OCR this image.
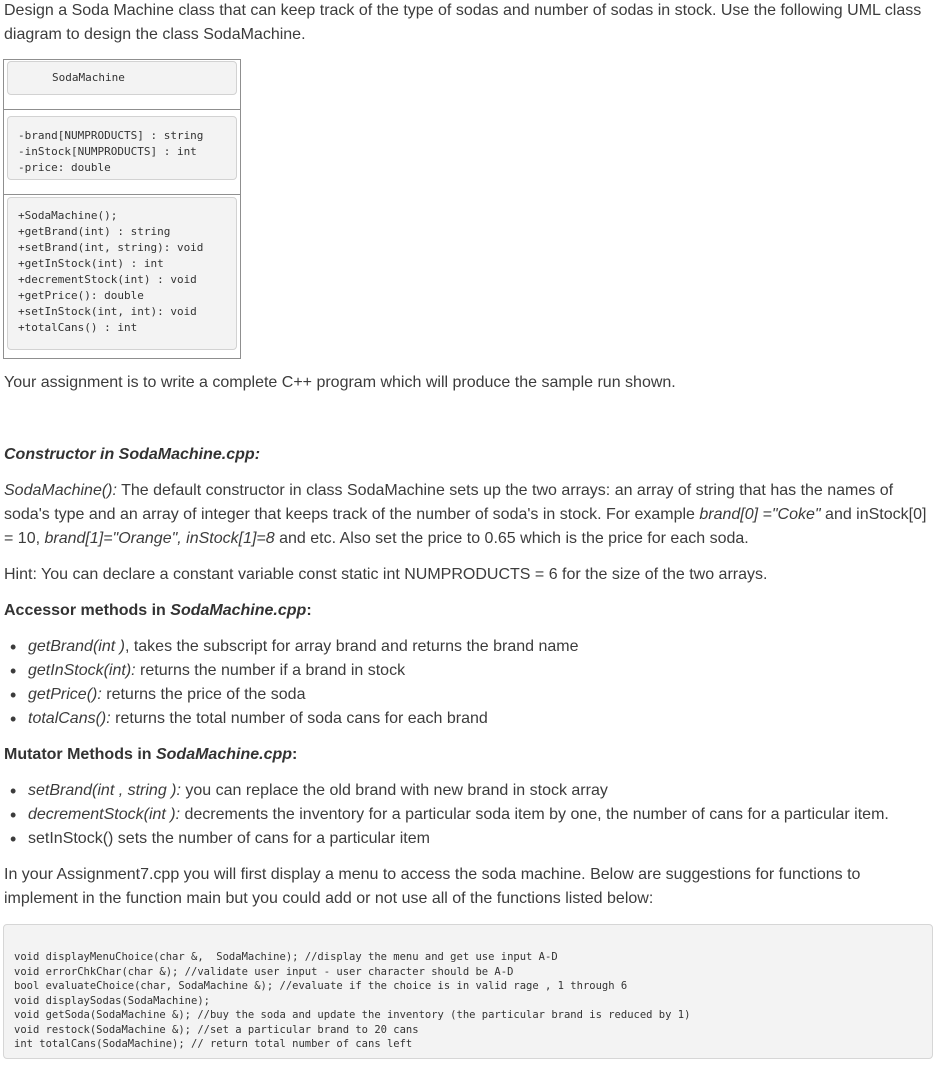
Design a Soda Machine class that can keep track of the type of sodas and number of sodas in stock. Use the following UML class diagram to design the class SodaMachine.

SodaMachine
-brand[NUMPRODUCTS] : string
-inStock[NUMPRODUCTS] : int
-price: double
+SodaMachine();
+getBrand(int) : string
+setBrand(int, string): void
+getInStock(int) : int
+decrementStock(int) : void
+getPrice(): double
+setInStock(int, int): void
+totalCans() : int

Your assignment is to write a complete C++ program which will produce the sample run shown.

Constructor in SodaMachine.cpp:

SodaMachine(): The default constructor in class SodaMachine sets up the two arrays: an array of string that has the names of soda's type and an array of integer that keeps track of the number of soda's in stock. For example brand[0] ="Coke" and inStock[0] = 10, brand[1]="Orange", inStock[1]=8 and etc. Also set the price to 0.65 which is the price for each soda.

Hint: You can declare a constant variable const static int NUMPRODUCTS = 6 for the size of the two arrays.

Accessor methods in SodaMachine.cpp:

• getBrand(int ), takes the subscript for array brand and returns the brand name
• getInStock(int): returns the number if a brand in stock
• getPrice(): returns the price of the soda
• totalCans(): returns the total number of soda cans for each brand

Mutator Methods in SodaMachine.cpp:

• setBrand(int , string ): you can replace the old brand with new brand in stock array
• decrementStock(int ): decrements the inventory for a particular soda item by one, the number of cans for a particular item.
• setInStock() sets the number of cans for a particular item

In your Assignment7.cpp you will first display a menu to access the soda machine. Below are suggestions for functions to implement in the function main but you could add or not use all of the functions listed below:

void displayMenuChoice(char &,  SodaMachine); //display the menu and get use input A-D
void errorChkChar(char &); //validate user input - user character should be A-D
bool evaluateChoice(char, SodaMachine &); //evaluate if the choice is in valid rage , 1 through 6
void displaySodas(SodaMachine);
void getSoda(SodaMachine &); //buy the soda and update the inventory (the particular brand is reduced by 1)
void restock(SodaMachine &); //set a particular brand to 20 cans
int totalCans(SodaMachine); // return total number of cans left
